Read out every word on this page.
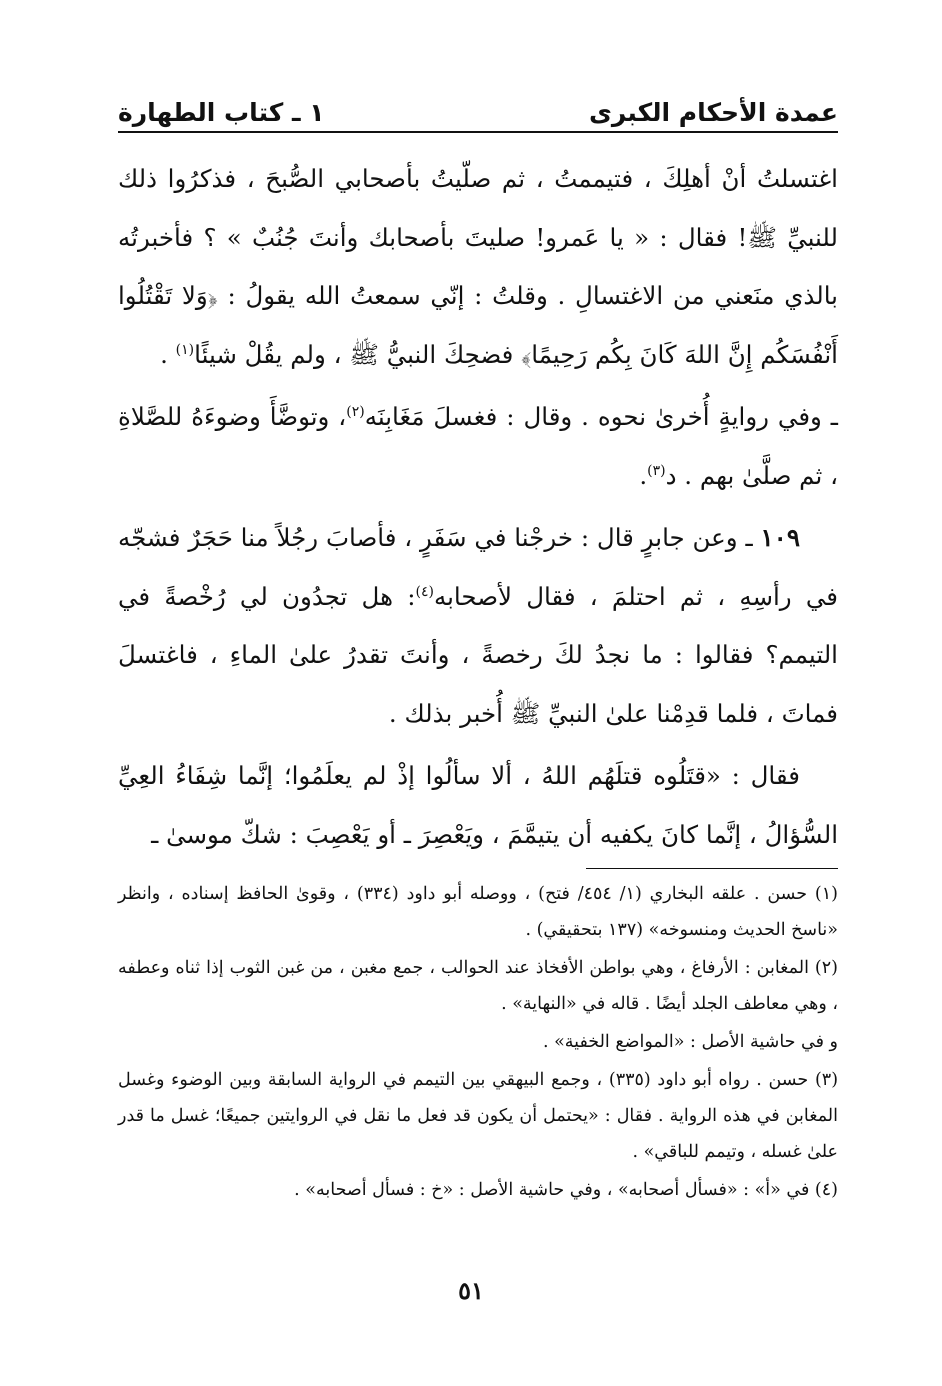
عمدة الأحكام الكبرى
١ ـ كتاب الطهارة

اغتسلتُ أنْ أهلِكَ ، فتيممتُ ، ثم صلّيتُ بأصحابي الصُّبحَ ، فذكرُوا ذلك للنبيِّ ﷺ! فقال : « يا عَمرو! صليتَ بأصحابك وأنتَ جُنُبٌ » ؟ فأخبرتُه بالذي منَعني من الاغتسالِ . وقلتُ : إنّي سمعتُ الله يقولُ : ﴿وَلا تَقْتُلُوا أَنْفُسَكُم إِنَّ اللهَ كَانَ بِكُم رَحِيمًا﴾ فضحِكَ النبيُّ ﷺ ، ولم يقُلْ شيئًا$^{(١)}$ .

ـ وفي روايةٍ أُخرىٰ نحوه . وقال : فغسلَ مَغَابِنَه$^{(٢)}$، وتوضَّأَ وضوءَهُ للصَّلاةِ ، ثم صلَّىٰ بهم . د$^{(٣)}$.

١٠٩ ـ وعن جابرٍ قال : خرجْنا في سَفَرٍ ، فأصابَ رجُلاً منا حَجَرٌ فشجّه في رأسِهِ ، ثم احتلمَ ، فقال لأصحابه$^{(٤)}$: هل تجدُون لي رُخْصةً في التيمم؟ فقالوا : ما نجدُ لكَ رخصةً ، وأنتَ تقدرُ علىٰ الماءِ ، فاغتسلَ فماتَ ، فلما قدِمْنا علىٰ النبيِّ ﷺ أُخبر بذلك .

فقال : «قتَلُوه قتلَهُم اللهُ ، ألا سألُوا إذْ لم يعلَمُوا؛ إنَّما شِفَاءُ العِيِّ السُّؤالُ ، إنَّما كانَ يكفيه أن يتيمَّمَ ، ويَعْصِرَ ـ أو يَعْصِبَ : شكّ موسىٰ ـ

(١) حسن . علقه البخاري (١/ ٤٥٤/ فتح) ، ووصله أبو داود (٣٣٤) ، وقوىٰ الحافظ إسناده ، وانظر «ناسخ الحديث ومنسوخه» (١٣٧ بتحقيقي) .

(٢) المغابن : الأرفاغ ، وهي بواطن الأفخاذ عند الحوالب ، جمع مغبن ، من غبن الثوب إذا ثناه وعطفه ، وهي معاطف الجلد أيضًا . قاله في «النهاية» .

و في حاشية الأصل : «المواضع الخفية» .

(٣) حسن . رواه أبو داود (٣٣٥) ، وجمع البيهقي بين التيمم في الرواية السابقة وبين الوضوء وغسل المغابن في هذه الرواية . فقال : «يحتمل أن يكون قد فعل ما نقل في الروايتين جميعًا؛ غسل ما قدر علىٰ غسله ، وتيمم للباقي» .

(٤) في «أ» : «فسأل أصحابه» ، وفي حاشية الأصل : «خ : فسأل أصحابه» .

٥١
